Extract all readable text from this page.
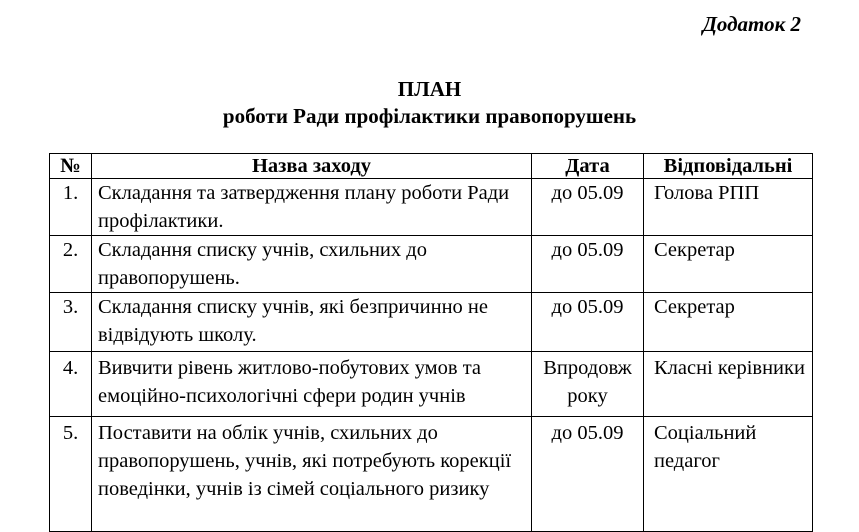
Додаток 2
ПЛАН
роботи Ради профілактики правопорушень
№	Назва заходу	Дата	Відповідальні
1.	Складання та затвердження плану роботи Ради профілактики.	до 05.09	Голова РПП
2.	Складання списку учнів, схильних до правопорушень.	до 05.09	Секретар
3.	Складання списку учнів, які безпричинно не відвідують школу.	до 05.09	Секретар
4.	Вивчити рівень житлово-побутових умов та емоційно-психологічні сфери родин учнів	Впродовж року	Класні керівники
5.	Поставити на облік учнів, схильних до правопорушень, учнів, які потребують корекції поведінки, учнів із сімей соціального ризику	до 05.09	Соціальний педагог
